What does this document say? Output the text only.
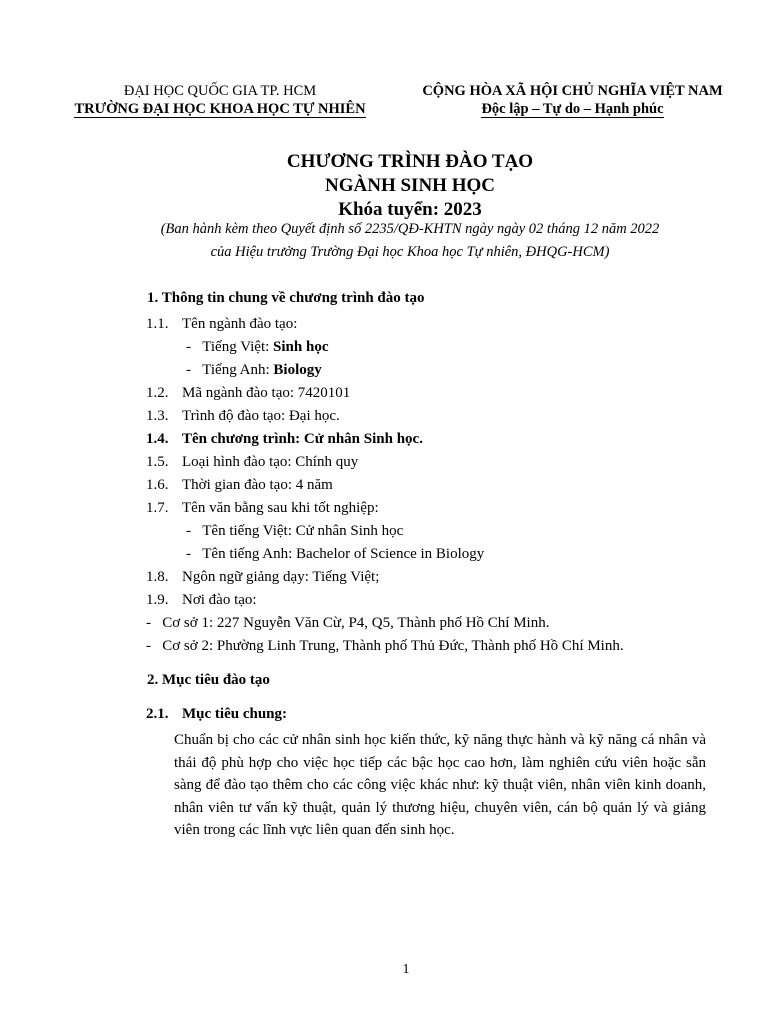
ĐẠI HỌC QUỐC GIA TP. HCM
TRƯỜNG ĐẠI HỌC KHOA HỌC TỰ NHIÊN
CỘNG HÒA XÃ HỘI CHỦ NGHĨA VIỆT NAM
Độc lập – Tự do – Hạnh phúc
CHƯƠNG TRÌNH ĐÀO TẠO
NGÀNH SINH HỌC
Khóa tuyển: 2023
(Ban hành kèm theo Quyết định số 2235/QĐ-KHTN ngày ngày 02 tháng 12 năm 2022
của Hiệu trưởng Trường Đại học Khoa học Tự nhiên, ĐHQG-HCM)
1. Thông tin chung về chương trình đào tạo
1.1. Tên ngành đào tạo:
-   Tiếng Việt: Sinh học
-   Tiếng Anh: Biology
1.2. Mã ngành đào tạo: 7420101
1.3. Trình độ đào tạo: Đại học.
1.4. Tên chương trình: Cử nhân Sinh học.
1.5. Loại hình đào tạo: Chính quy
1.6. Thời gian đào tạo: 4 năm
1.7. Tên văn bằng sau khi tốt nghiệp:
-   Tên tiếng Việt: Cử nhân Sinh học
-   Tên tiếng Anh: Bachelor of Science in Biology
1.8. Ngôn ngữ giảng dạy: Tiếng Việt;
1.9. Nơi đào tạo:
-   Cơ sở 1: 227 Nguyễn Văn Cừ, P4, Q5, Thành phố Hồ Chí Minh.
-   Cơ sở 2: Phường Linh Trung, Thành phố Thủ Đức, Thành phố Hồ Chí Minh.
2. Mục tiêu đào tạo
2.1. Mục tiêu chung:
Chuẩn bị cho các cử nhân sinh học kiến thức, kỹ năng thực hành và kỹ năng cá nhân và thái độ phù hợp cho việc học tiếp các bậc học cao hơn, làm nghiên cứu viên hoặc sẵn sàng để đào tạo thêm cho các công việc khác như: kỹ thuật viên, nhân viên kinh doanh, nhân viên tư vấn kỹ thuật, quản lý thương hiệu, chuyên viên, cán bộ quản lý và giảng viên trong các lĩnh vực liên quan đến sinh học.
1
